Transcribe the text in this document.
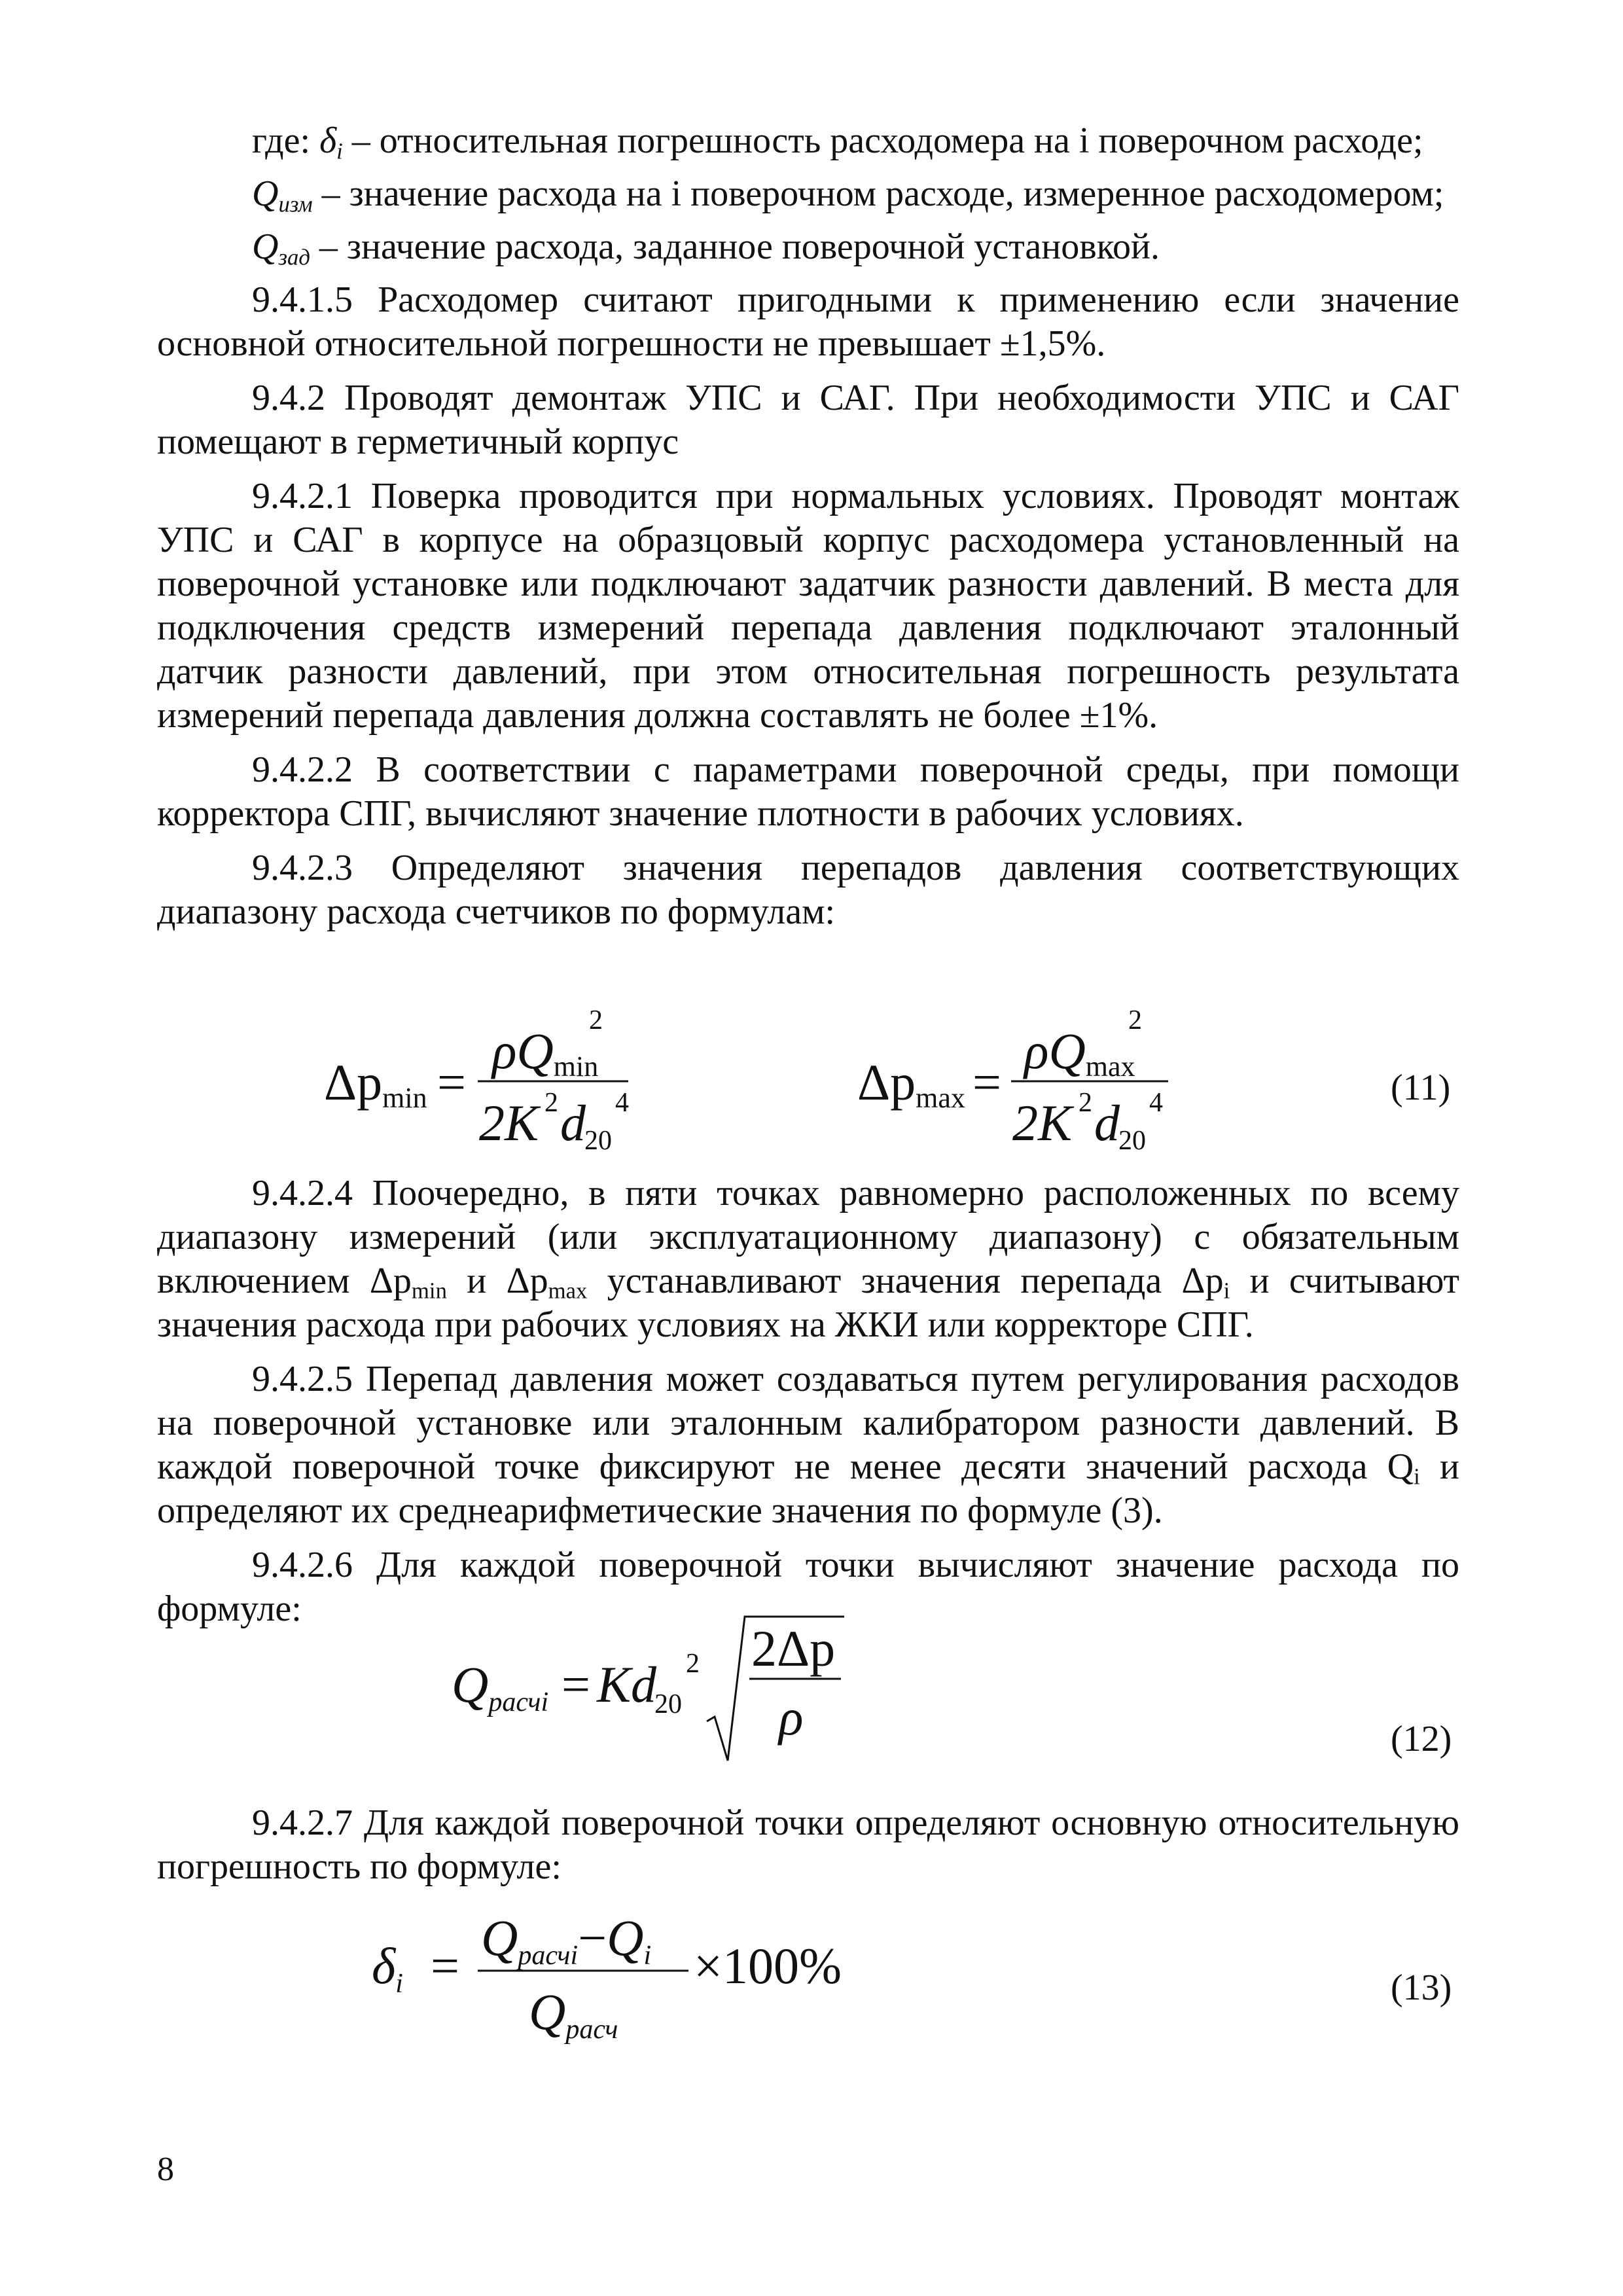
где: $\delta_i$ – относительная погрешность расходомера на i поверочном расходе;

$Q_{изм}$ – значение расхода на i поверочном расходе, измеренное расходомером;

$Q_{зад}$ – значение расхода, заданное поверочной установкой.

9.4.1.5 Расходомер считают пригодными к применению если значение основной относительной погрешности не превышает ±1,5%.

9.4.2 Проводят демонтаж УПС и САГ. При необходимости УПС и САГ помещают в герметичный корпус

9.4.2.1 Поверка проводится при нормальных условиях. Проводят монтаж УПС и САГ в корпусе на образцовый корпус расходомера установленный на поверочной установке или подключают задатчик разности давлений. В места для подключения средств измерений перепада давления подключают эталонный датчик разности давлений, при этом относительная погрешность результата измерений перепада давления должна составлять не более ±1%.

9.4.2.2 В соответствии с параметрами поверочной среды, при помощи корректора СПГ, вычисляют значение плотности в рабочих условиях.

9.4.2.3 Определяют значения перепадов давления соответствующих диапазону расхода счетчиков по формулам:

Δpmin =
ρQmin
2
2K 2 d
20
4	Δpmax =
ρQmax
2
2K 2 d
20
4	(11)

9.4.2.4 Поочередно, в пяти точках равномерно расположенных по всему диапазону измерений (или эксплуатационному диапазону) с обязательным включением $\Delta p_{min}$ и $\Delta p_{max}$ устанавливают значения перепада $\Delta p_i$ и считывают значения расхода при рабочих условиях на ЖКИ или корректоре СПГ.

9.4.2.5 Перепад давления может создаваться путем регулирования расходов на поверочной установке или эталонным калибратором разности давлений. В каждой поверочной точке фиксируют не менее десяти значений расхода $Q_i$ и определяют их среднеарифметические значения по формуле (3).

9.4.2.6 Для каждой поверочной точки вычисляют значение расхода по формуле:

Qрасчi = Kd
20
2 2Δp
ρ	(12)

9.4.2.7 Для каждой поверочной точки определяют основную относительную погрешность по формуле:

δi = Qрасчi−Qi
Qрасч
×100%	(13)
8
